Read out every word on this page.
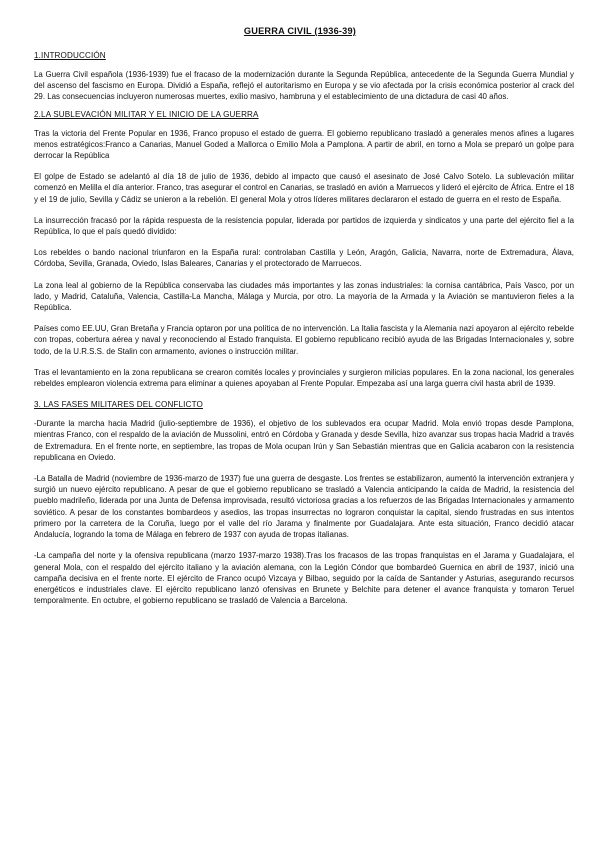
GUERRA CIVIL (1936-39)
1.INTRODUCCIÓN

La Guerra Civil española (1936-1939) fue el fracaso de la modernización durante la Segunda República, antecedente de la Segunda Guerra Mundial y del ascenso del fascismo en Europa. Dividió a España, reflejó el autoritarismo en Europa y se vio afectada por la crisis económica posterior al crack del 29. Las consecuencias incluyeron numerosas muertes, exilio masivo, hambruna y el establecimiento de una dictadura de casi 40 años.

2.LA SUBLEVACIÓN MILITAR Y EL INICIO DE LA GUERRA

Tras la victoria del Frente Popular en 1936, Franco propuso el estado de guerra. El gobierno republicano trasladó a generales menos afines a lugares menos estratégicos:Franco a Canarias, Manuel Goded a Mallorca o Emilio Mola a Pamplona. A partir de abril, en torno a Mola se preparó un golpe para derrocar la República

El golpe de Estado se adelantó al día 18 de julio de 1936, debido al impacto que causó el asesinato de José Calvo Sotelo. La sublevación militar comenzó en Melilla el día anterior. Franco, tras asegurar el control en Canarias, se trasladó en avión a Marruecos y lideró el ejército de África. Entre el 18 y el 19 de julio, Sevilla y Cádiz se unieron a la rebelión. El general Mola y otros líderes militares declararon el estado de guerra en el resto de España.

La insurrección fracasó por la rápida respuesta de la resistencia popular, liderada por partidos de izquierda y sindicatos y una parte del ejército fiel a la República, lo que el país quedó dividido:

Los rebeldes o bando nacional triunfaron en la España rural: controlaban Castilla y León, Aragón, Galicia, Navarra, norte de Extremadura, Álava, Córdoba, Sevilla, Granada, Oviedo, Islas Baleares, Canarias y el protectorado de Marruecos.

La zona leal al gobierno de la República conservaba las ciudades más importantes y las zonas industriales: la cornisa cantábrica, País Vasco, por un lado, y Madrid, Cataluña, Valencia, Castilla-La Mancha, Málaga y Murcia, por otro. La mayoría de la Armada y la Aviación se mantuvieron fieles a la República.

Países como EE.UU, Gran Bretaña y Francia optaron por una política de no intervención. La Italia fascista y la Alemania nazi apoyaron al ejército rebelde con tropas, cobertura aérea y naval y reconociendo al Estado franquista. El gobierno republicano recibió ayuda de las Brigadas Internacionales y, sobre todo, de la U.R.S.S. de Stalin con armamento, aviones o instrucción militar.

Tras el levantamiento en la zona republicana se crearon comités locales y provinciales y surgieron milicias populares. En la zona nacional, los generales rebeldes emplearon violencia extrema para eliminar a quienes apoyaban al Frente Popular. Empezaba así una larga guerra civil hasta abril de 1939.

3. LAS FASES MILITARES DEL CONFLICTO

-Durante la marcha hacia Madrid (julio-septiembre de 1936), el objetivo de los sublevados era ocupar Madrid. Mola envió tropas desde Pamplona, mientras Franco, con el respaldo de la aviación de Mussolini, entró en Córdoba y Granada y desde Sevilla, hizo avanzar sus tropas hacia Madrid a través de Extremadura. En el frente norte, en septiembre, las tropas de Mola ocupan Irún y San Sebastián mientras que en Galicia acabaron con la resistencia republicana en Oviedo.

-La Batalla de Madrid (noviembre de 1936-marzo de 1937) fue una guerra de desgaste. Los frentes se estabilizaron, aumentó la intervención extranjera y surgió un nuevo ejército republicano. A pesar de que el gobierno republicano se trasladó a Valencia anticipando la caída de Madrid, la resistencia del pueblo madrileño, liderada por una Junta de Defensa improvisada, resultó victoriosa gracias a los refuerzos de las Brigadas Internacionales y armamento soviético. A pesar de los constantes bombardeos y asedios, las tropas insurrectas no lograron conquistar la capital, siendo frustradas en sus intentos primero por la carretera de la Coruña, luego por el valle del río Jarama y finalmente por Guadalajara. Ante esta situación, Franco decidió atacar Andalucía, logrando la toma de Málaga en febrero de 1937 con ayuda de tropas italianas.

-La campaña del norte y la ofensiva republicana (marzo 1937-marzo 1938).Tras los fracasos de las tropas franquistas en el Jarama y Guadalajara, el general Mola, con el respaldo del ejército italiano y la aviación alemana, con la Legión Cóndor que bombardeó Guernica en abril de 1937, inició una campaña decisiva en el frente norte. El ejército de Franco ocupó Vizcaya y Bilbao, seguido por la caída de Santander y Asturias, asegurando recursos energéticos e industriales clave. El ejército republicano lanzó ofensivas en Brunete y Belchite para detener el avance franquista y tomaron Teruel temporalmente. En octubre, el gobierno republicano se trasladó de Valencia a Barcelona.
